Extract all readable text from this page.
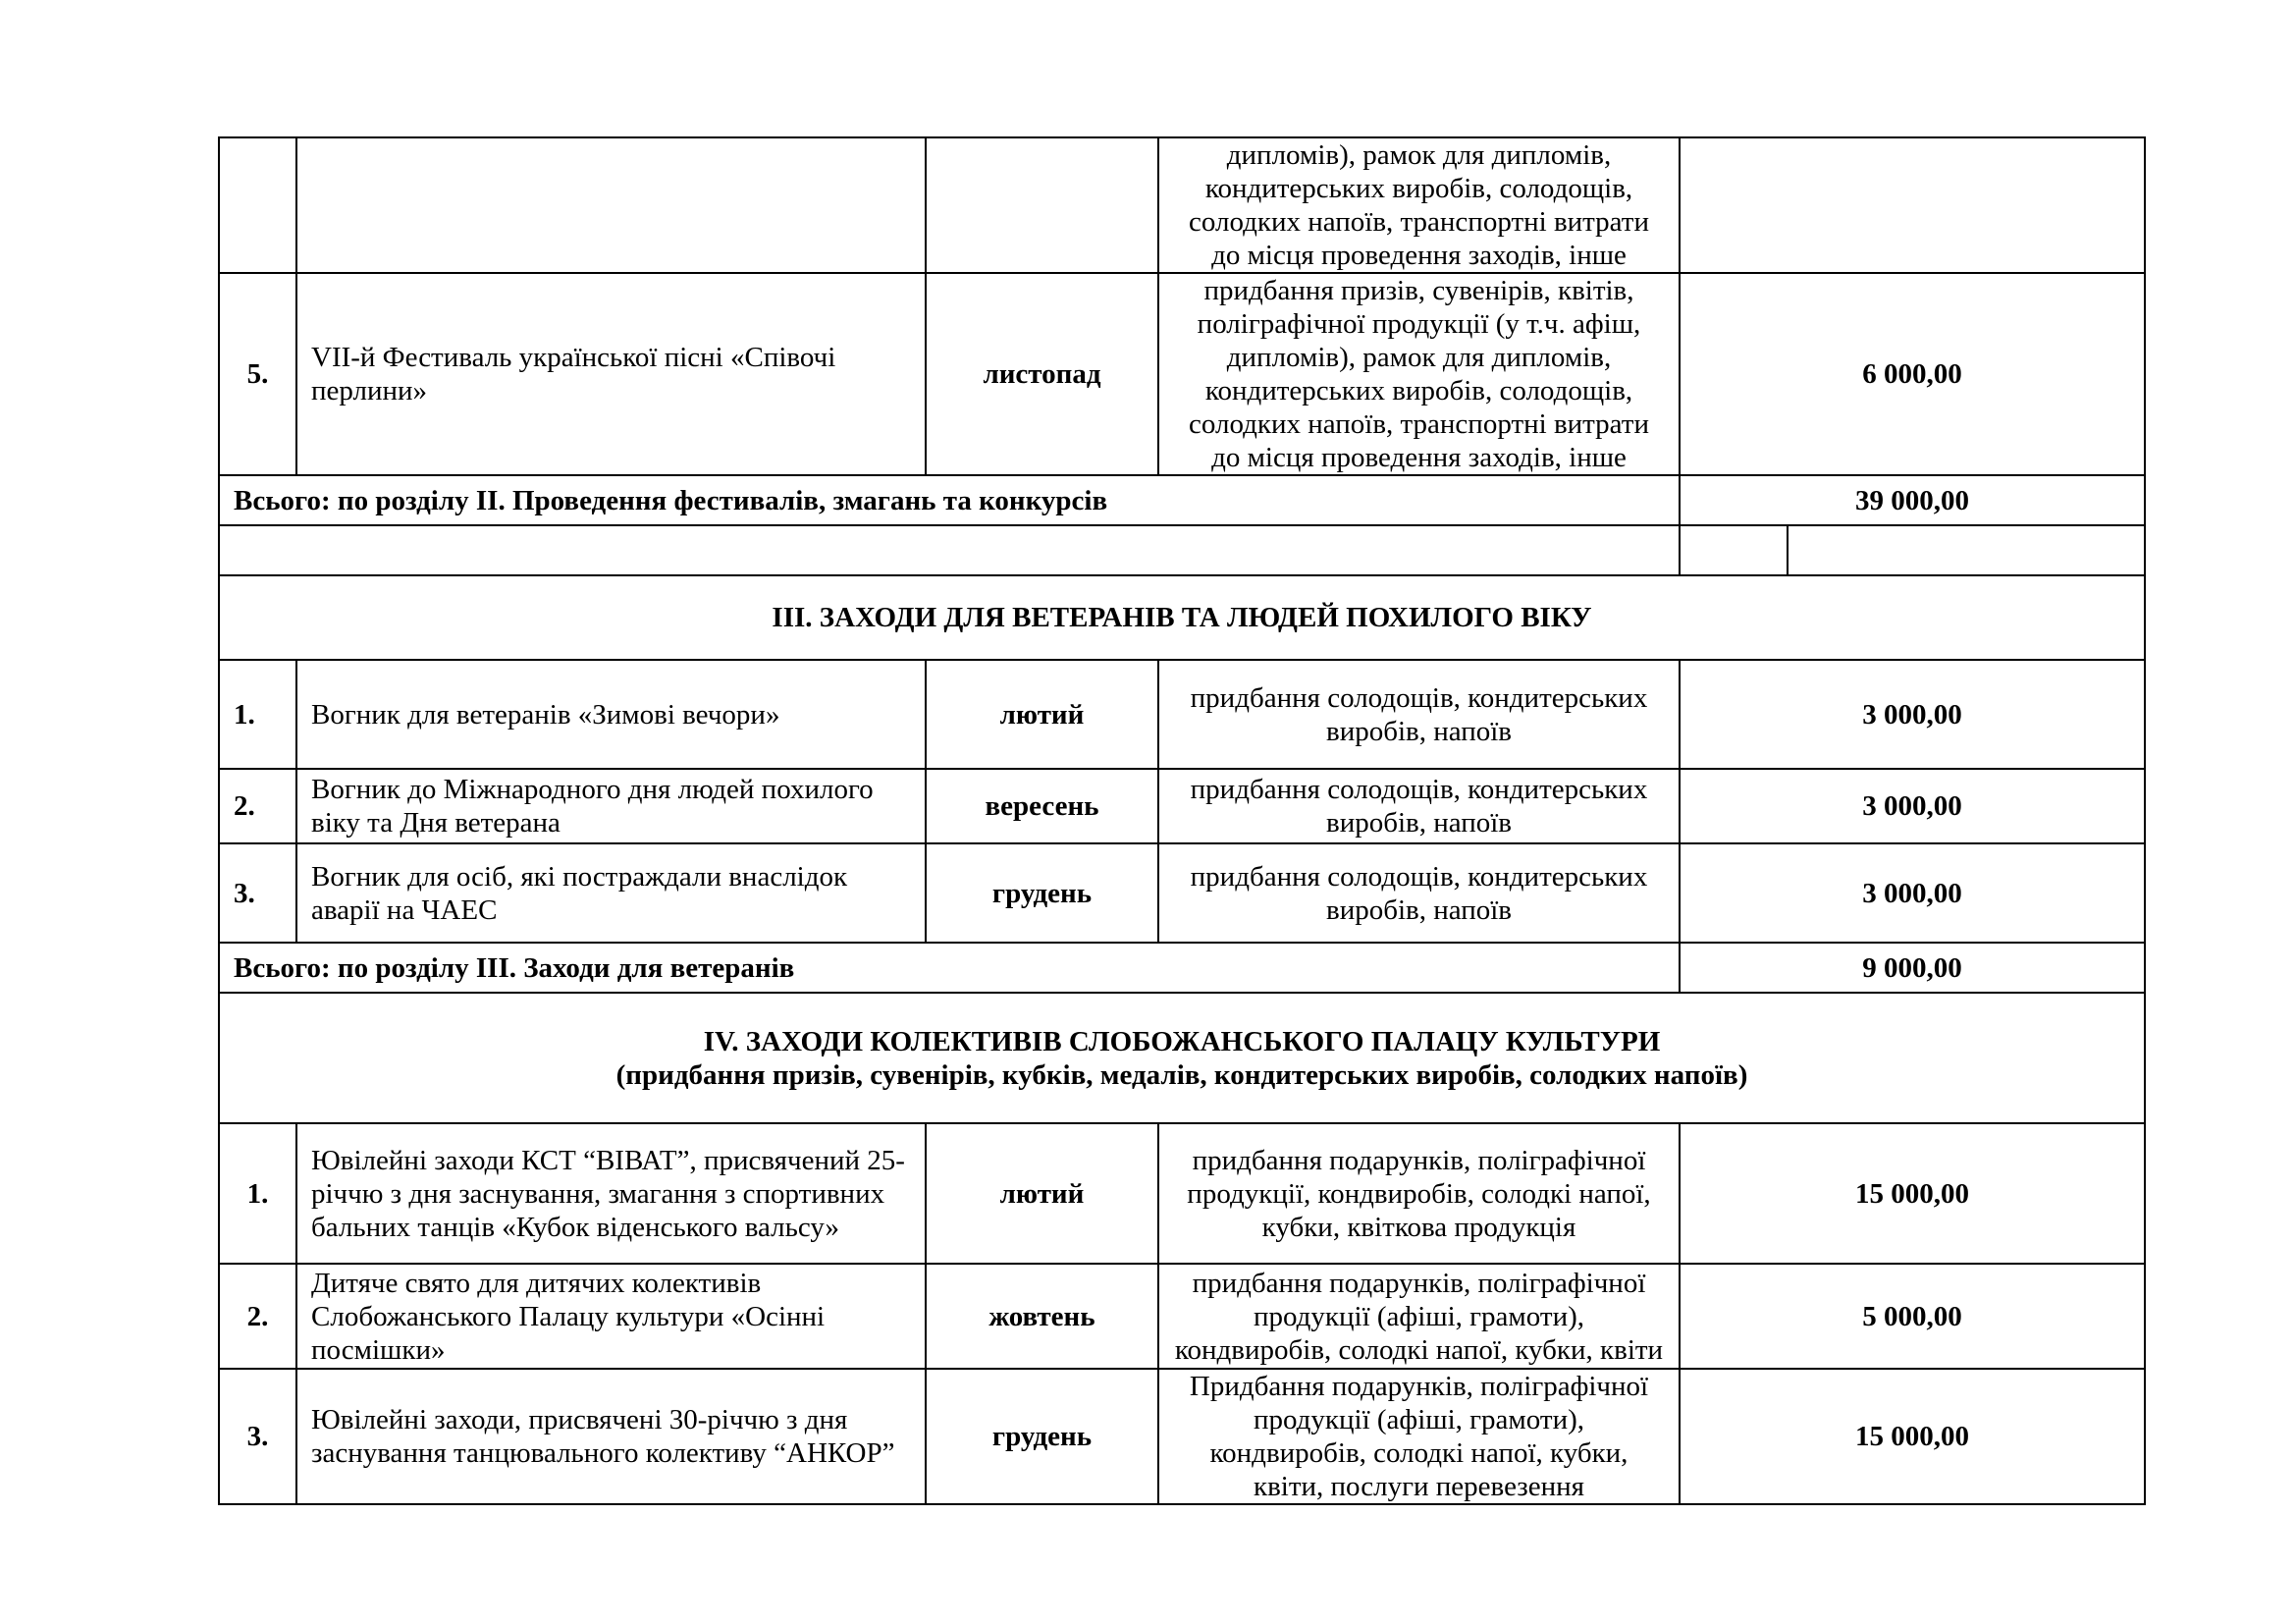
			дипломів), рамок для дипломів, кондитерських виробів, солодощів, солодких напоїв, транспортні витрати до місця проведення заходів, інше		
5.	VII-й Фестиваль української пісні «Співочі перлини»	листопад	придбання призів, сувенірів, квітів, поліграфічної продукції (у т.ч. афіш, дипломів), рамок для дипломів, кондитерських виробів, солодощів, солодких напоїв, транспортні витрати до місця проведення заходів, інше	6 000,00	
Всього: по розділу II. Проведення фестивалів, змагань та конкурсів				39 000,00	

III. ЗАХОДИ ДЛЯ ВЕТЕРАНІВ ТА ЛЮДЕЙ ПОХИЛОГО ВІКУ					
1.	Вогник для ветеранів «Зимові вечори»	лютий	придбання солодощів, кондитерських виробів, напоїв	3 000,00	
2.	Вогник до Міжнародного дня людей похилого віку та Дня ветерана	вересень	придбання солодощів, кондитерських виробів, напоїв	3 000,00	
3.	Вогник для осіб, які постраждали внаслідок аварії на ЧАЕС	грудень	придбання солодощів, кондитерських виробів, напоїв	3 000,00	
Всього: по розділу III. Заходи для ветеранів				9 000,00	
IV. ЗАХОДИ КОЛЕКТИВІВ СЛОБОЖАНСЬКОГО ПАЛАЦУ КУЛЬТУРИ
(придбання призів, сувенірів, кубків, медалів, кондитерських виробів, солодких напоїв)					

1.	Ювілейні заходи КСТ “ВІВАТ”, присвячений 25-річчю з дня заснування, змагання з спортивних бальних танців «Кубок віденського вальсу»	лютий	придбання подарунків, поліграфічної продукції, кондвиробів, солодкі напої, кубки, квіткова продукція	15 000,00	
2.	Дитяче свято для дитячих колективів Слобожанського Палацу культури «Осінні посмішки»	жовтень	придбання подарунків, поліграфічної продукції (афіші, грамоти), кондвиробів, солодкі напої, кубки, квіти	5 000,00	
3.	Ювілейні заходи, присвячені 30-річчю з дня заснування танцювального колективу “АНКОР”	грудень	Придбання подарунків, поліграфічної продукції (афіші, грамоти), кондвиробів, солодкі напої, кубки, квіти, послуги перевезення	15 000,00	
